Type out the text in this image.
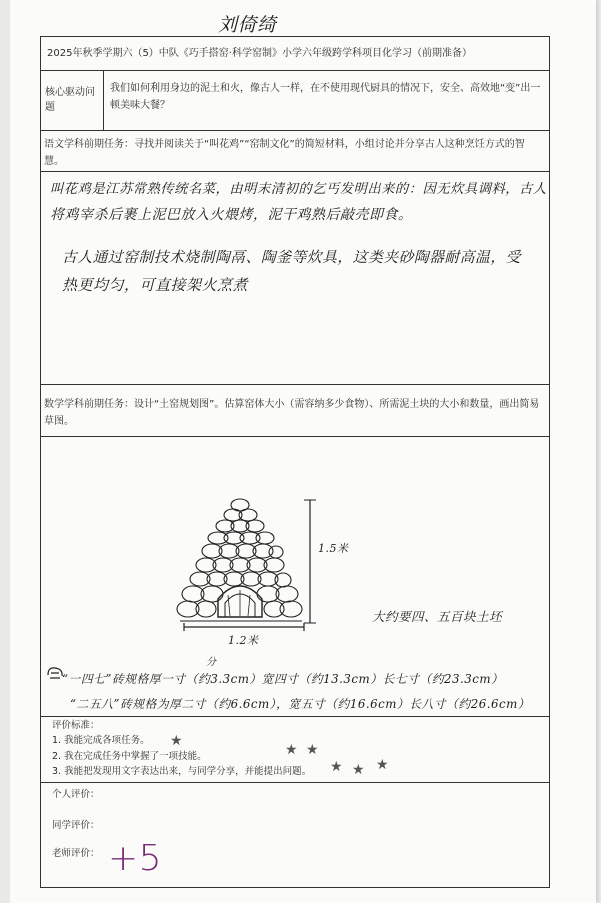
刘倚绮
2025年秋季学期六（5）中队《巧手搭窑·科学窑制》小学六年级跨学科项目化学习（前期准备）
核心驱动问题
我们如何利用身边的泥土和火，像古人一样，在不使用现代厨具的情况下，安全、高效地“变”出一顿美味大餐？
语文学科前期任务：寻找并阅读关于“叫花鸡”“窑制文化”的简短材料，小组讨论并分享古人这种烹饪方式的智慧。
叫花鸡是江苏常熟传统名菜，由明末清初的乞丐发明出来的：因无炊具调料，古人
将鸡宰杀后裹上泥巴放入火煨烤，泥干鸡熟后敲壳即食。
古人通过窑制技术烧制陶鬲、陶釜等炊具，这类夹砂陶器耐高温，受
热更均匀，可直接架火烹煮
数学学科前期任务：设计“土窑规划图”。估算窑体大小（需容纳多少食物）、所需泥土块的大小和数量，画出简易草图。
1.5米
1.2米
大约要四、五百块土坯
分
“一四七”砖规格厚一寸（约3.3cm）宽四寸（约13.3cm）长七寸（约23.3cm）
“二五八”砖规格为厚二寸（约6.6cm），宽五寸（约16.6cm）长八寸（约26.6cm）
评价标准：
1. 我能完成各项任务。
2. 我在完成任务中掌握了一项技能。
3. 我能把发现用文字表达出来，与同学分享，并能提出问题。
★
★ ★
★ ★ ★
个人评价：
同学评价：
老师评价： +5
